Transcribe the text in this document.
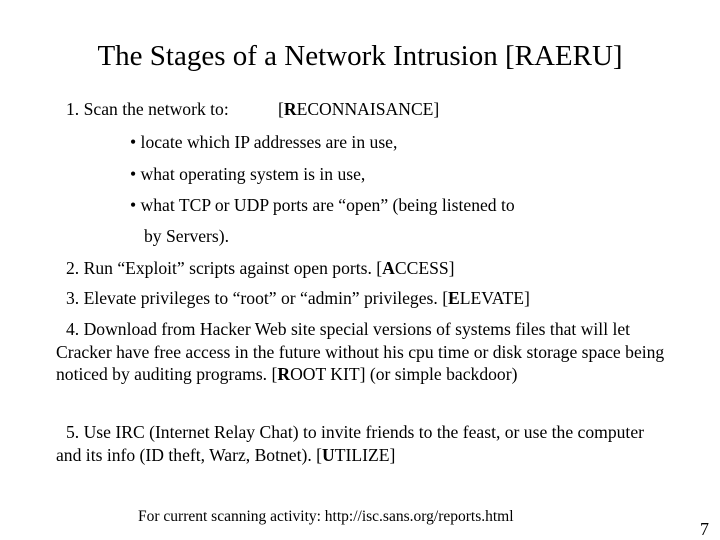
The Stages of a Network Intrusion [RAERU]
1. Scan the network to:	[RECONNAISANCE]
• locate which IP addresses are in use,
• what operating system is in use,
• what TCP or UDP ports are “open” (being listened to
by Servers).
2. Run “Exploit” scripts against open ports. [ACCESS]
3. Elevate privileges to “root” or “admin” privileges. [ELEVATE]
4. Download from Hacker Web site special versions of systems files that will let Cracker have free access in the future without his cpu time or disk storage space being noticed by auditing programs. [ROOT KIT] (or simple backdoor)
5. Use IRC (Internet Relay Chat) to invite friends to the feast, or use the computer and its info (ID theft, Warz, Botnet). [UTILIZE]
For current scanning activity: http://isc.sans.org/reports.html
7
